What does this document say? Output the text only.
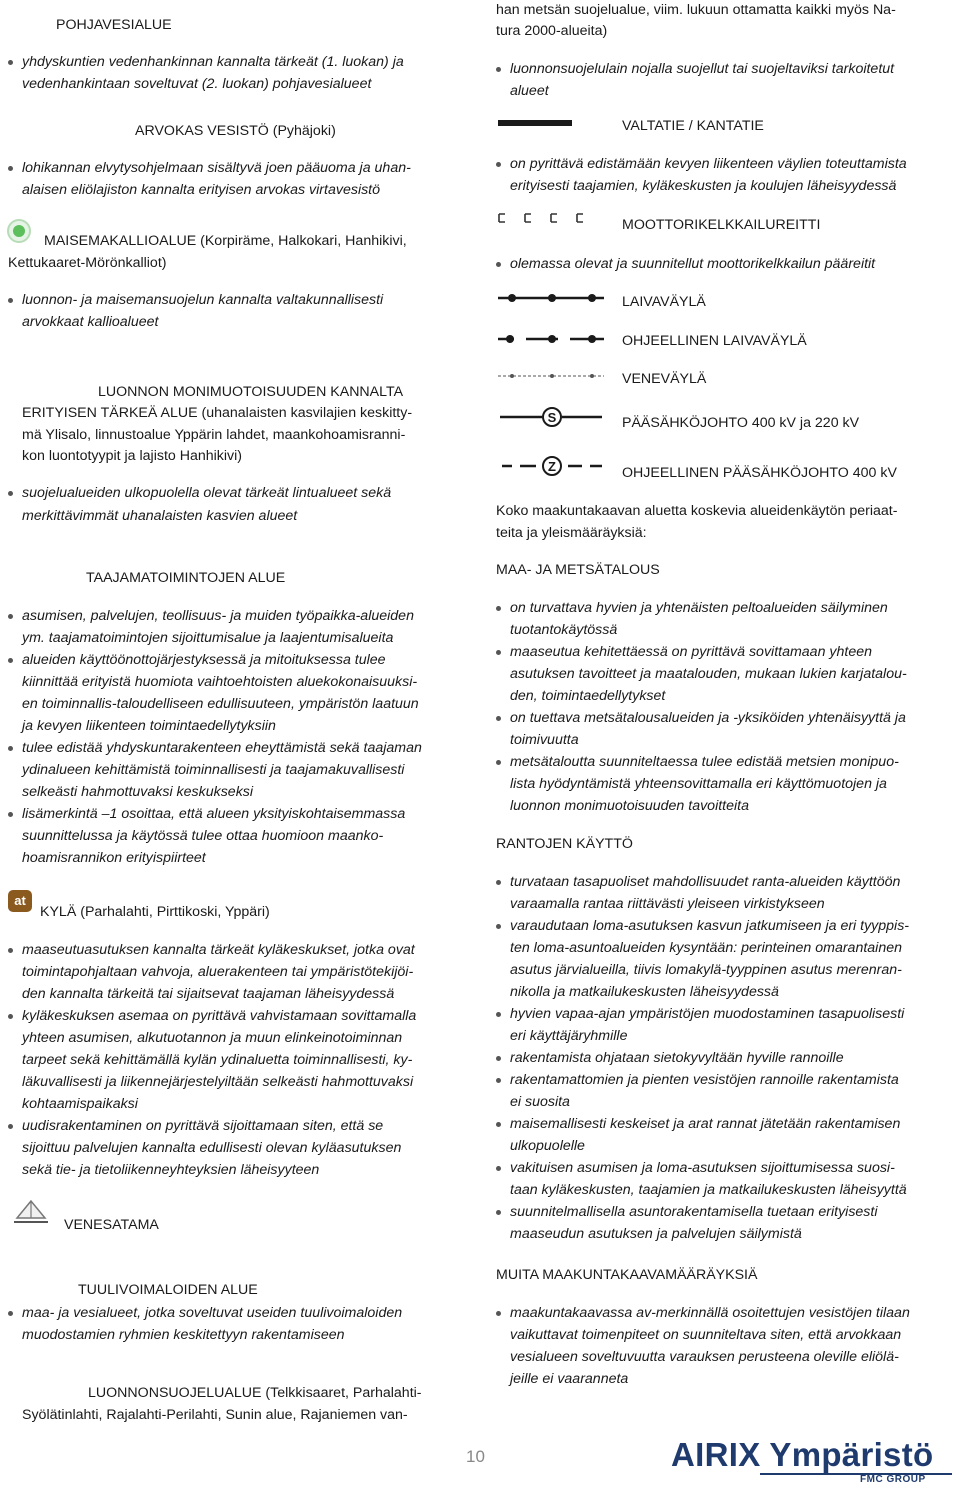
POHJAVESIALUE
yhdyskuntien vedenhankinnan kannalta tärkeät (1. luokan) ja
vedenhankintaan soveltuvat (2. luokan) pohjavesialueet
ARVOKAS VESISTÖ (Pyhäjoki)
lohikannan elvytysohjelmaan sisältyvä joen pääuoma ja uhan-
alaisen eliölajiston kannalta erityisen arvokas virtavesistö
MAISEMAKALLIOALUE (Korpiräme, Halkokari, Hanhikivi,
Kettukaaret-Mörönkalliot)
luonnon- ja maisemansuojelun kannalta valtakunnallisesti
arvokkaat kallioalueet
LUONNON MONIMUOTOISUUDEN KANNALTA
ERITYISEN TÄRKEÄ ALUE (uhanalaisten kasvilajien keskitty-
mä Ylisalo, linnustoalue Yppärin lahdet, maankohoamisranni-
kon luontotyypit ja lajisto Hanhikivi)
suojelualueiden ulkopuolella olevat tärkeät lintualueet sekä
merkittävimmät uhanalaisten kasvien alueet
TAAJAMATOIMINTOJEN ALUE
asumisen, palvelujen, teollisuus- ja muiden työpaikka-alueiden
ym. taajamatoimintojen sijoittumisalue ja laajentumisalueita
alueiden käyttöönottojärjestyksessä ja mitoituksessa tulee
kiinnittää erityistä huomiota vaihtoehtoisten aluekokonaisuuksi-
en toiminnallis-taloudelliseen edullisuuteen, ympäristön laatuun
ja kevyen liikenteen toimintaedellytyksiin
tulee edistää yhdyskuntarakenteen eheyttämistä sekä taajaman
ydinalueen kehittämistä toiminnallisesti ja taajamakuvallisesti
selkeästi hahmottuvaksi keskukseksi
lisämerkintä –1 osoittaa, että alueen yksityiskohtaisemmassa
suunnittelussa ja käytössä tulee ottaa huomioon maanko-
hoamisrannikon erityispiirteet
at
KYLÄ (Parhalahti, Pirttikoski, Yppäri)
maaseutuasutuksen kannalta tärkeät kyläkeskukset, jotka ovat
toimintapohjaltaan vahvoja, aluerakenteen tai ympäristötekijöi-
den kannalta tärkeitä tai sijaitsevat taajaman läheisyydessä
kyläkeskuksen asemaa on pyrittävä vahvistamaan sovittamalla
yhteen asumisen, alkutuotannon ja muun elinkeinotoiminnan
tarpeet sekä kehittämällä kylän ydinaluetta toiminnallisesti, ky-
läkuvallisesti ja liikennejärjestelyiltään selkeästi hahmottuvaksi
kohtaamispaikaksi
uudisrakentaminen on pyrittävä sijoittamaan siten, että se
sijoittuu palvelujen kannalta edullisesti olevan kyläasutuksen
sekä tie- ja tietoliikenneyhteyksien läheisyyteen
VENESATAMA
TUULIVOIMALOIDEN ALUE
maa- ja vesialueet, jotka soveltuvat useiden tuulivoimaloiden
muodostamien ryhmien keskitettyyn rakentamiseen
LUONNONSUOJELUALUE (Telkkisaaret, Parhalahti-
Syölätinlahti, Rajalahti-Perilahti, Sunin alue, Rajaniemen van-
han metsän suojelualue, viim. lukuun ottamatta kaikki myös Na-
tura 2000-alueita)
luonnonsuojelulain nojalla suojellut tai suojeltaviksi tarkoitetut
alueet
VALTATIE / KANTATIE
on pyrittävä edistämään kevyen liikenteen väylien toteuttamista
erityisesti taajamien, kyläkeskusten ja koulujen läheisyydessä
MOOTTORIKELKKAILUREITTI
olemassa olevat ja suunnitellut moottorikelkkailun pääreitit
LAIVAVÄYLÄ
OHJEELLINEN LAIVAVÄYLÄ
VENEVÄYLÄ
S	PÄÄSÄHKÖJOHTO 400 kV ja 220 kV
Z	OHJEELLINEN PÄÄSÄHKÖJOHTO 400 kV
Koko maakuntakaavan aluetta koskevia alueidenkäytön periaat-
teita ja yleismääräyksiä:
MAA- JA METSÄTALOUS
on turvattava hyvien ja yhtenäisten peltoalueiden säilyminen
tuotantokäytössä
maaseutua kehitettäessä on pyrittävä sovittamaan yhteen
asutuksen tavoitteet ja maatalouden, mukaan lukien karjatalou-
den, toimintaedellytykset
on tuettava metsätalousalueiden ja -yksiköiden yhtenäisyyttä ja
toimivuutta
metsätaloutta suunniteltaessa tulee edistää metsien monipuo-
lista hyödyntämistä yhteensovittamalla eri käyttömuotojen ja
luonnon monimuotoisuuden tavoitteita
RANTOJEN KÄYTTÖ
turvataan tasapuoliset mahdollisuudet ranta-alueiden käyttöön
varaamalla rantaa riittävästi yleiseen virkistykseen
varaudutaan loma-asutuksen kasvun jatkumiseen ja eri tyyppis-
ten loma-asuntoalueiden kysyntään: perinteinen omarantainen
asutus järvialueilla, tiivis lomakylä-tyyppinen asutus merenran-
nikolla ja matkailukeskusten läheisyydessä
hyvien vapaa-ajan ympäristöjen muodostaminen tasapuolisesti
eri käyttäjäryhmille
rakentamista ohjataan sietokyvyltään hyville rannoille
rakentamattomien ja pienten vesistöjen rannoille rakentamista
ei suosita
maisemallisesti keskeiset ja arat rannat jätetään rakentamisen
ulkopuolelle
vakituisen asumisen ja loma-asutuksen sijoittumisessa suosi-
taan kyläkeskusten, taajamien ja matkailukeskusten läheisyyttä
suunnitelmallisella asuntorakentamisella tuetaan erityisesti
maaseudun asutuksen ja palvelujen säilymistä
MUITA MAAKUNTAKAAVAMÄÄRÄYKSIÄ
maakuntakaavassa av-merkinnällä osoitettujen vesistöjen tilaan
vaikuttavat toimenpiteet on suunniteltava siten, että arvokkaan
vesialueen soveltuvuutta varauksen perusteena oleville eliölä-
jeille ei vaaranneta
10	AIRIX Ympäristö
FMC GROUP
